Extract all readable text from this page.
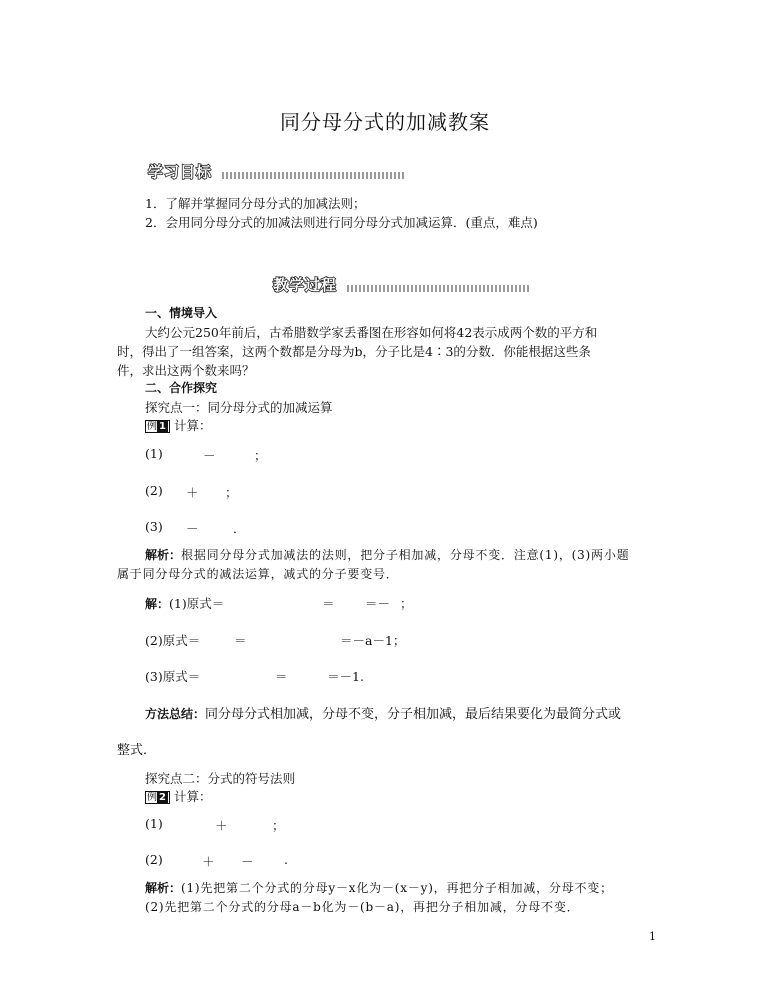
同分母分式的加减教案
学习目标
1．了解并掌握同分母分式的加减法则；
2．会用同分母分式的加减法则进行同分母分式加减运算．(重点，难点)
教学过程
一、情境导入
大约公元250年前后，古希腊数学家丢番图在形容如何将42表示成两个数的平方和
时，得出了一组答案，这两个数都是分母为b，分子比是4∶3的分数．你能根据这些条
件，求出这两个数来吗？
二、合作探究
探究点一：同分母分式的加减运算
例 1 计算：
(1)	－	；
(2) ＋ ；
(3) －	．
解析：根据同分母分式加减法的法则，把分子相加减，分母不变．注意(1)，(3)两小题
属于同分母分式的减法运算，减式的分子要变号．
解：(1)原式＝	＝ ＝－ ；
(2)原式＝	＝	＝－a－1；
(3)原式＝	＝	＝－1.
方法总结：同分母分式相加减，分母不变，分子相加减，最后结果要化为最简分式或
整式．
探究点二：分式的符号法则
例 2 计算：
(1)	＋	；
(2)	＋ － .
解析：(1)先把第二个分式的分母y－x化为－(x－y)，再把分子相加减，分母不变；
(2)先把第二个分式的分母a－b化为－(b－a)，再把分子相加减，分母不变．
1
